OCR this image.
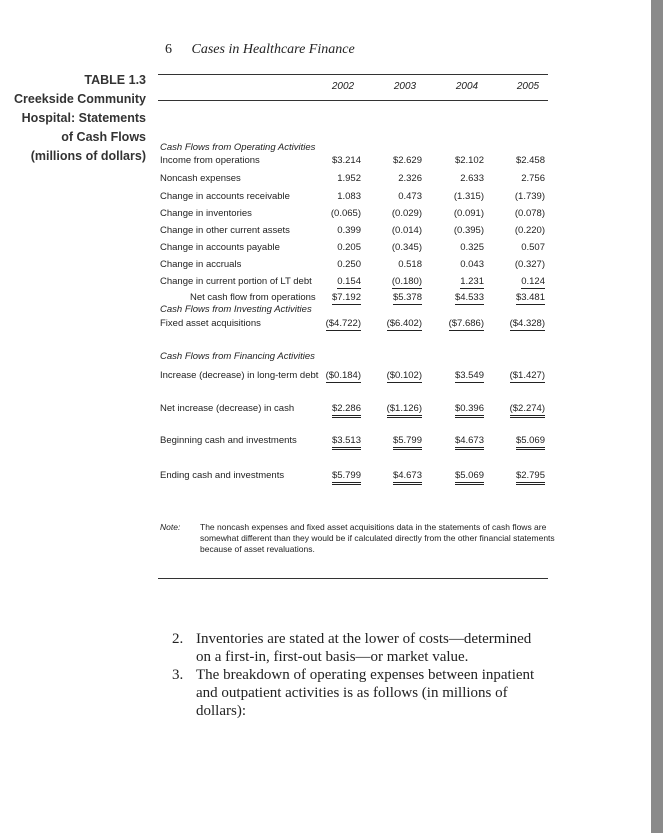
6 Cases in Healthcare Finance
TABLE 1.3
Creekside Community
Hospital: Statements
of Cash Flows
(millions of dollars)
2002	2003	2004	2005
Cash Flows from Operating Activities
Cash Flows from Investing Activities
Cash Flows from Financing Activities
Income from operations	$3.214	$2.629	$2.102	$2.458
Noncash expenses	1.952	2.326	2.633	2.756
Change in accounts receivable	1.083	0.473	(1.315)	(1.739)
Change in inventories	(0.065)	(0.029)	(0.091)	(0.078)
Change in other current assets	0.399	(0.014)	(0.395)	(0.220)
Change in accounts payable	0.205	(0.345)	0.325	0.507
Change in accruals	0.250	0.518	0.043	(0.327)
Change in current portion of LT debt	0.154	(0.180)	1.231	0.124
Net cash flow from operations	$7.192	$5.378	$4.533	$3.481
Fixed asset acquisitions	($4.722)	($6.402)	($7.686)	($4.328)
Increase (decrease) in long-term debt ($0.184)	($0.102)	$3.549	($1.427)
Net increase (decrease) in cash	$2.286	($1.126)	$0.396	($2.274)
Beginning cash and investments	$3.513	$5.799	$4.673	$5.069
Ending cash and investments	$5.799	$4.673	$5.069	$2.795
Note: The noncash expenses and fixed asset acquisitions data in the statements of cash flows are somewhat different than they would be if calculated directly from the other financial statements because of asset revaluations.
2. Inventories are stated at the lower of costs—determined on a first-in, first-out basis—or market value.
3. The breakdown of operating expenses between inpatient and outpatient activities is as follows (in millions of dollars):
